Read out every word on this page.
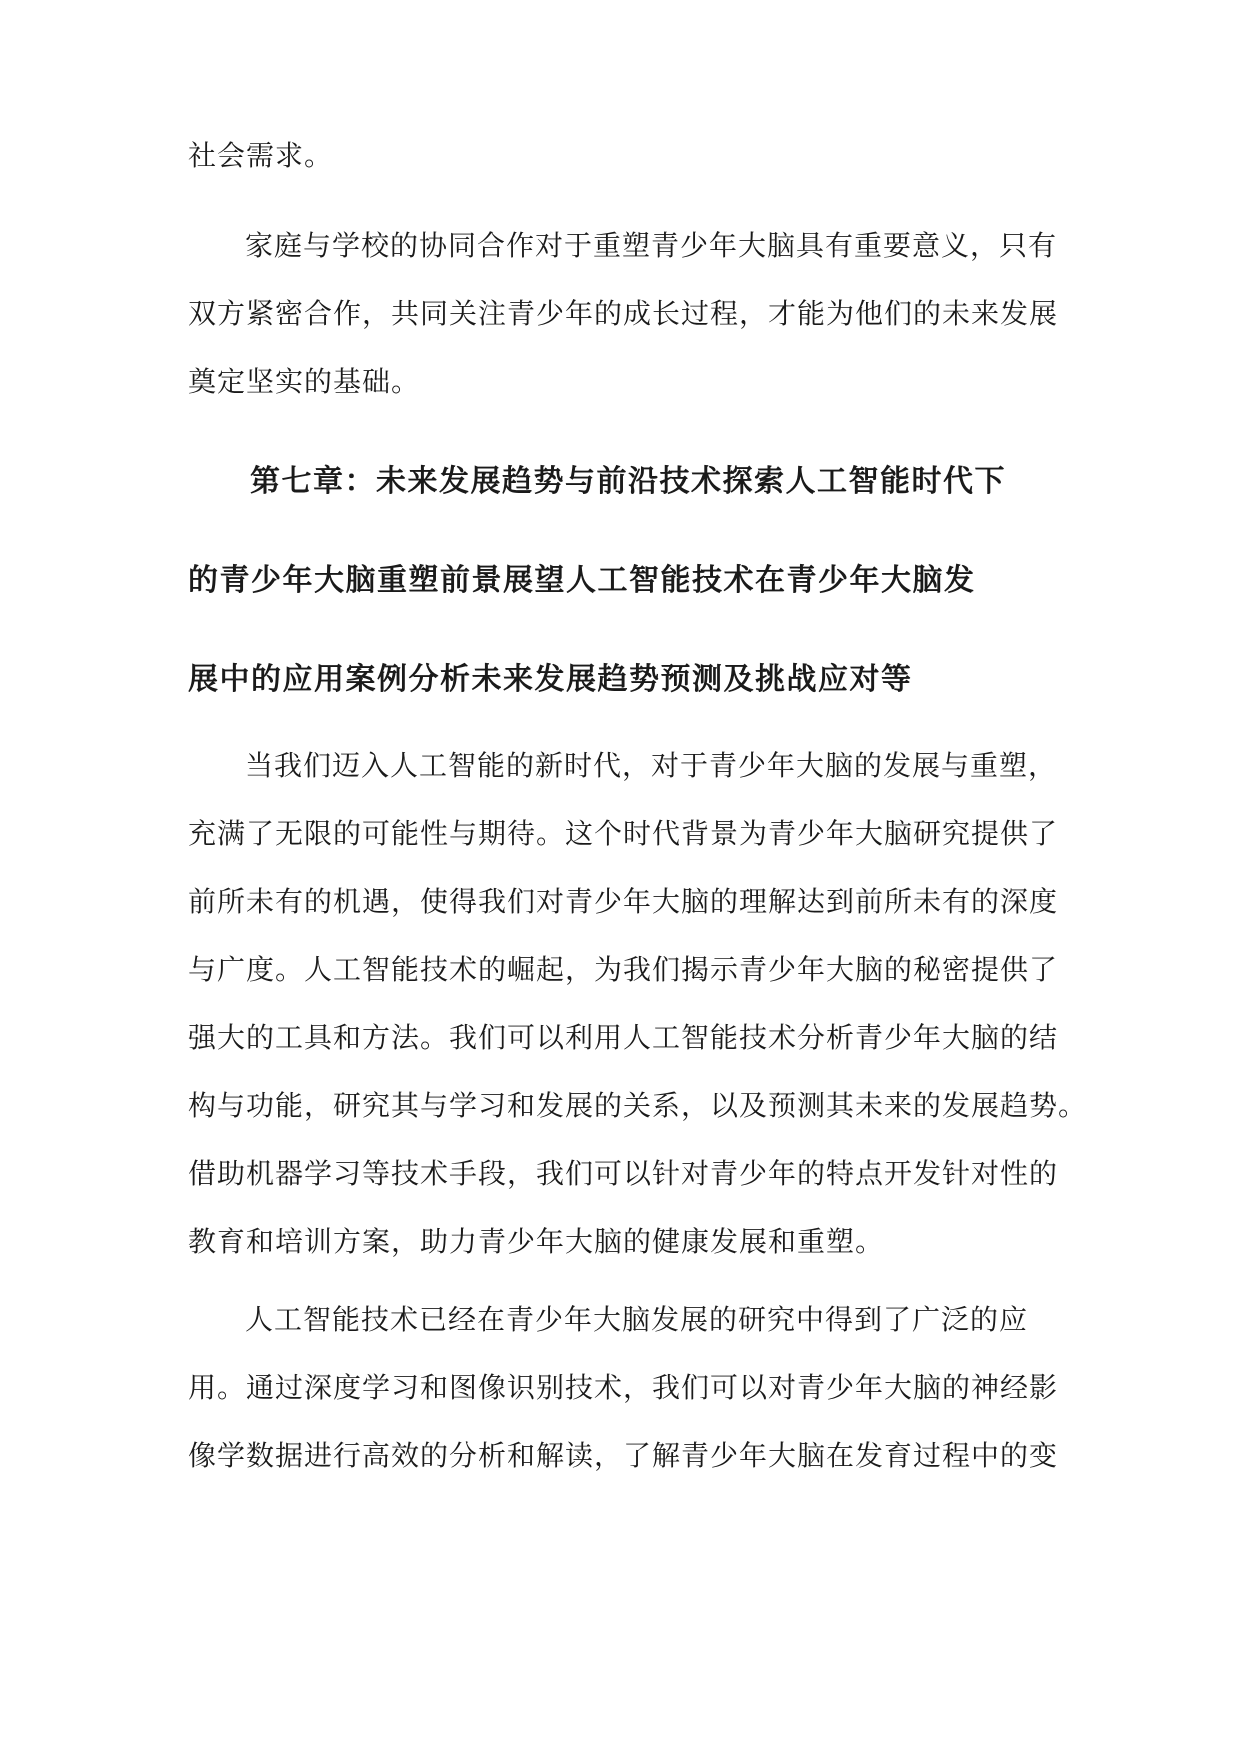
社会需求。
家庭与学校的协同合作对于重塑青少年大脑具有重要意义，只有
双方紧密合作，共同关注青少年的成长过程，才能为他们的未来发展
奠定坚实的基础。
第七章：未来发展趋势与前沿技术探索人工智能时代下
的青少年大脑重塑前景展望人工智能技术在青少年大脑发
展中的应用案例分析未来发展趋势预测及挑战应对等
当我们迈入人工智能的新时代，对于青少年大脑的发展与重塑，
充满了无限的可能性与期待。这个时代背景为青少年大脑研究提供了
前所未有的机遇，使得我们对青少年大脑的理解达到前所未有的深度
与广度。人工智能技术的崛起，为我们揭示青少年大脑的秘密提供了
强大的工具和方法。我们可以利用人工智能技术分析青少年大脑的结
构与功能，研究其与学习和发展的关系，以及预测其未来的发展趋势。
借助机器学习等技术手段，我们可以针对青少年的特点开发针对性的
教育和培训方案，助力青少年大脑的健康发展和重塑。
人工智能技术已经在青少年大脑发展的研究中得到了广泛的应
用。通过深度学习和图像识别技术，我们可以对青少年大脑的神经影
像学数据进行高效的分析和解读，了解青少年大脑在发育过程中的变
